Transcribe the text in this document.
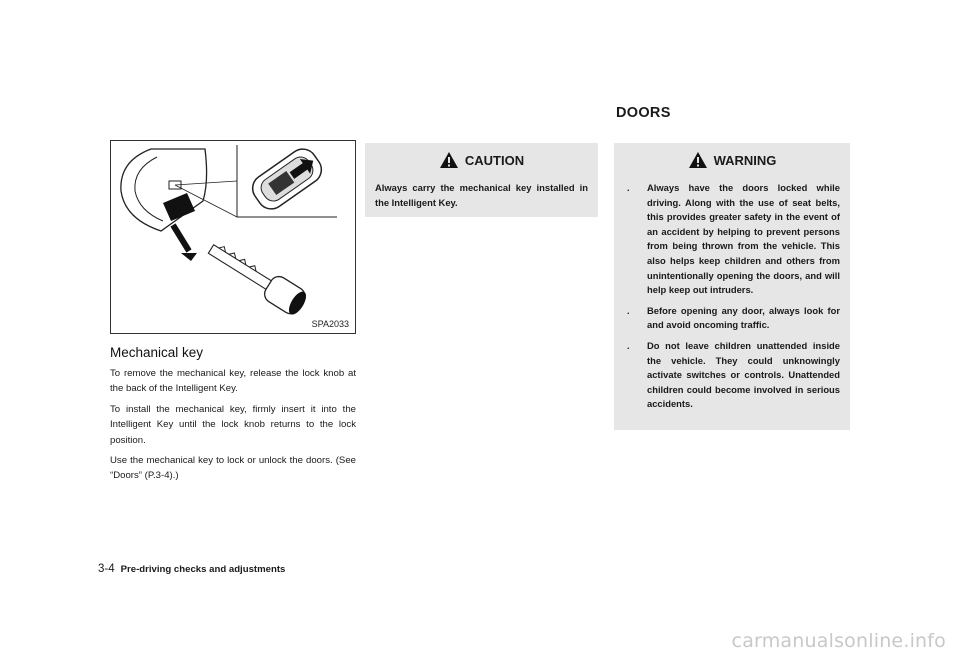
DOORS
SPA2033
Mechanical key

To remove the mechanical key, release the lock knob at the back of the Intelligent Key.

To install the mechanical key, firmly insert it into the Intelligent Key until the lock knob returns to the lock position.

Use the mechanical key to lock or unlock the doors. (See “Doors” (P.3-4).)

CAUTION
Always carry the mechanical key installed in the Intelligent Key.
WARNING
. Always have the doors locked while driving. Along with the use of seat belts, this provides greater safety in the event of an accident by helping to prevent persons from being thrown from the vehicle. This also helps keep children and others from unintentionally opening the doors, and will help keep out intruders.
. Before opening any door, always look for and avoid oncoming traffic.
. Do not leave children unattended inside the vehicle. They could unknowingly activate switches or controls. Unattended children could become involved in serious accidents.
3-4 Pre-driving checks and adjustments
carmanualsonline.info
